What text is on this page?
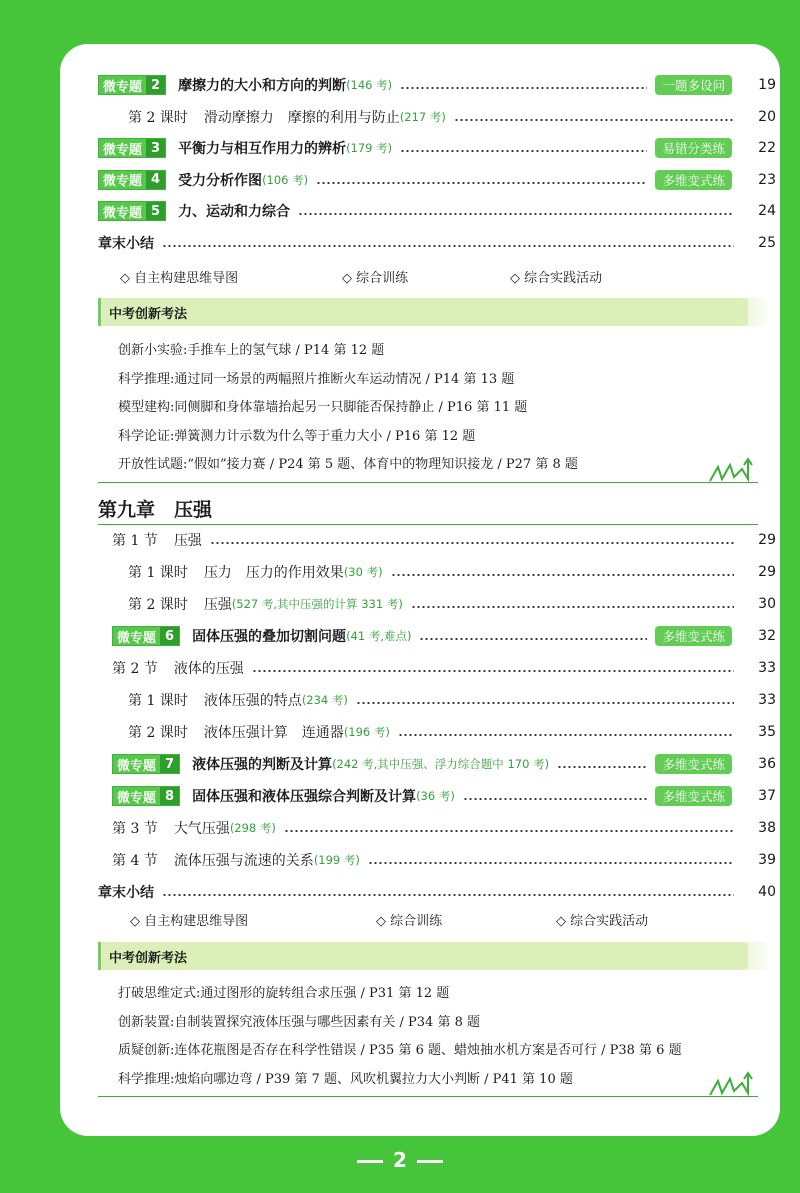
微专题 2	摩擦力的大小和方向的判断 (146 考)	一题多设问	19
第 2 课时 滑动摩擦力　摩擦的利用与防止 (217 考)	20
微专题 3	平衡力与相互作用力的辨析 (179 考)	易错分类练	22
微专题 4	受力分析作图 (106 考)	多维变式练	23
微专题 5	力、运动和力综合	24
章末小结	25
◇ 自主构建思维导图	◇ 综合训练	◇ 综合实践活动
中考创新考法
创新小实验:手推车上的氢气球 / P14 第 12 题
科学推理:通过同一场景的两幅照片推断火车运动情况 / P14 第 13 题
模型建构:同侧脚和身体靠墙抬起另一只脚能否保持静止 / P16 第 11 题
科学论证:弹簧测力计示数为什么等于重力大小 / P16 第 12 题
开放性试题:“假如”接力赛 / P24 第 5 题、体育中的物理知识接龙 / P27 第 8 题
第九章　压强
第 1 节 压强	29
第 1 课时 压力　压力的作用效果 (30 考)	29
第 2 课时 压强 (527 考,其中压强的计算 331 考)	30
微专题 6	固体压强的叠加切割问题 (41 考,难点)	多维变式练	32
第 2 节 液体的压强	33
第 1 课时 液体压强的特点 (234 考)	33
第 2 课时 液体压强计算　连通器 (196 考)	35
微专题 7	液体压强的判断及计算 (242 考,其中压强、浮力综合题中 170 考)	多维变式练	36
微专题 8	固体压强和液体压强综合判断及计算 (36 考)	多维变式练	37
第 3 节 大气压强 (298 考)	38
第 4 节 流体压强与流速的关系 (199 考)	39
章末小结	40
◇ 自主构建思维导图	◇ 综合训练	◇ 综合实践活动
中考创新考法
打破思维定式:通过图形的旋转组合求压强 / P31 第 12 题
创新装置:自制装置探究液体压强与哪些因素有关 / P34 第 8 题
质疑创新:连体花瓶图是否存在科学性错误 / P35 第 6 题、蜡烛抽水机方案是否可行 / P38 第 6 题
科学推理:烛焰向哪边弯 / P39 第 7 题、风吹机翼拉力大小判断 / P41 第 10 题
2
